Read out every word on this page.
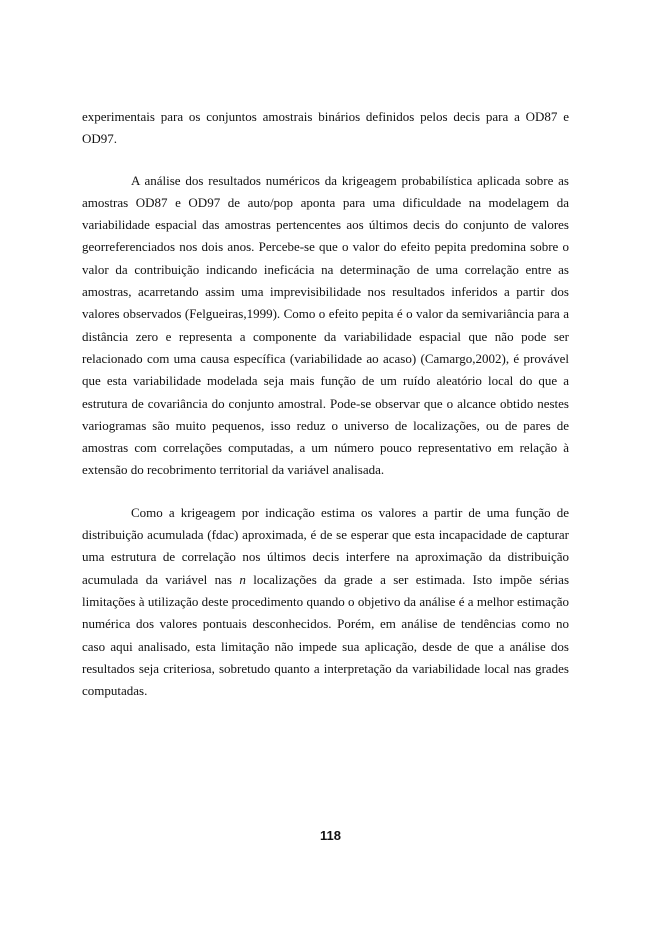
experimentais para os conjuntos amostrais binários definidos pelos decis para a OD87 e OD97.

A análise dos resultados numéricos da krigeagem probabilística aplicada sobre as amostras OD87 e OD97 de auto/pop aponta para uma dificuldade na modelagem da variabilidade espacial das amostras pertencentes aos últimos decis do conjunto de valores georreferenciados nos dois anos. Percebe-se que o valor do efeito pepita predomina sobre o valor da contribuição indicando ineficácia na determinação de uma correlação entre as amostras, acarretando assim uma imprevisibilidade nos resultados inferidos a partir dos valores observados (Felgueiras,1999). Como o efeito pepita é o valor da semivariância para a distância zero e representa a componente da variabilidade espacial que não pode ser relacionado com uma causa específica (variabilidade ao acaso) (Camargo,2002), é provável que esta variabilidade modelada seja mais função de um ruído aleatório local do que a estrutura de covariância do conjunto amostral. Pode-se observar que o alcance obtido nestes variogramas são muito pequenos, isso reduz o universo de localizações, ou de pares de amostras com correlações computadas, a um número pouco representativo em relação à extensão do recobrimento territorial da variável analisada.

Como a krigeagem por indicação estima os valores a partir de uma função de distribuição acumulada (fdac) aproximada, é de se esperar que esta incapacidade de capturar uma estrutura de correlação nos últimos decis interfere na aproximação da distribuição acumulada da variável nas n localizações da grade a ser estimada. Isto impõe sérias limitações à utilização deste procedimento quando o objetivo da análise é a melhor estimação numérica dos valores pontuais desconhecidos. Porém, em análise de tendências como no caso aqui analisado, esta limitação não impede sua aplicação, desde de que a análise dos resultados seja criteriosa, sobretudo quanto a interpretação da variabilidade local nas grades computadas.

118
